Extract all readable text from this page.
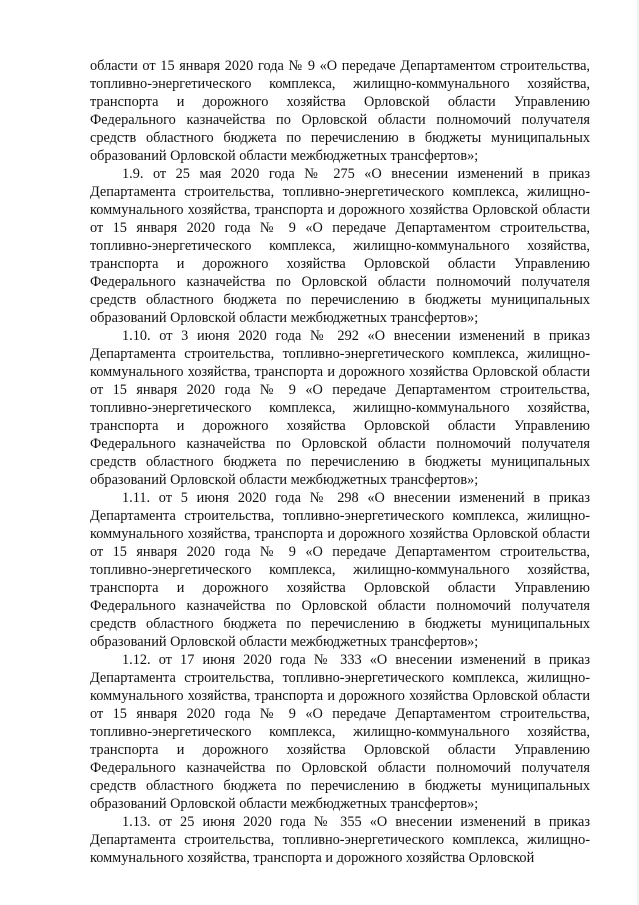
области от 15 января 2020 года № 9 «О передаче Департаментом строительства, топливно-энергетического комплекса, жилищно-коммунального хозяйства, транспорта и дорожного хозяйства Орловской области Управлению Федерального казначейства по Орловской области полномочий получателя средств областного бюджета по перечислению в бюджеты муниципальных образований Орловской области межбюджетных трансфертов»;

1.9. от 25 мая 2020 года № 275 «О внесении изменений в приказ Департамента строительства, топливно-энергетического комплекса, жилищно-коммунального хозяйства, транспорта и дорожного хозяйства Орловской области от 15 января 2020 года № 9 «О передаче Департаментом строительства, топливно-энергетического комплекса, жилищно-коммунального хозяйства, транспорта и дорожного хозяйства Орловской области Управлению Федерального казначейства по Орловской области полномочий получателя средств областного бюджета по перечислению в бюджеты муниципальных образований Орловской области межбюджетных трансфертов»;

1.10. от 3 июня 2020 года № 292 «О внесении изменений в приказ Департамента строительства, топливно-энергетического комплекса, жилищно-коммунального хозяйства, транспорта и дорожного хозяйства Орловской области от 15 января 2020 года № 9 «О передаче Департаментом строительства, топливно-энергетического комплекса, жилищно-коммунального хозяйства, транспорта и дорожного хозяйства Орловской области Управлению Федерального казначейства по Орловской области полномочий получателя средств областного бюджета по перечислению в бюджеты муниципальных образований Орловской области межбюджетных трансфертов»;

1.11. от 5 июня 2020 года № 298 «О внесении изменений в приказ Департамента строительства, топливно-энергетического комплекса, жилищно-коммунального хозяйства, транспорта и дорожного хозяйства Орловской области от 15 января 2020 года № 9 «О передаче Департаментом строительства, топливно-энергетического комплекса, жилищно-коммунального хозяйства, транспорта и дорожного хозяйства Орловской области Управлению Федерального казначейства по Орловской области полномочий получателя средств областного бюджета по перечислению в бюджеты муниципальных образований Орловской области межбюджетных трансфертов»;

1.12. от 17 июня 2020 года № 333 «О внесении изменений в приказ Департамента строительства, топливно-энергетического комплекса, жилищно-коммунального хозяйства, транспорта и дорожного хозяйства Орловской области от 15 января 2020 года № 9 «О передаче Департаментом строительства, топливно-энергетического комплекса, жилищно-коммунального хозяйства, транспорта и дорожного хозяйства Орловской области Управлению Федерального казначейства по Орловской области полномочий получателя средств областного бюджета по перечислению в бюджеты муниципальных образований Орловской области межбюджетных трансфертов»;

1.13. от 25 июня 2020 года № 355 «О внесении изменений в приказ Департамента строительства, топливно-энергетического комплекса, жилищно-коммунального хозяйства, транспорта и дорожного хозяйства Орловской
